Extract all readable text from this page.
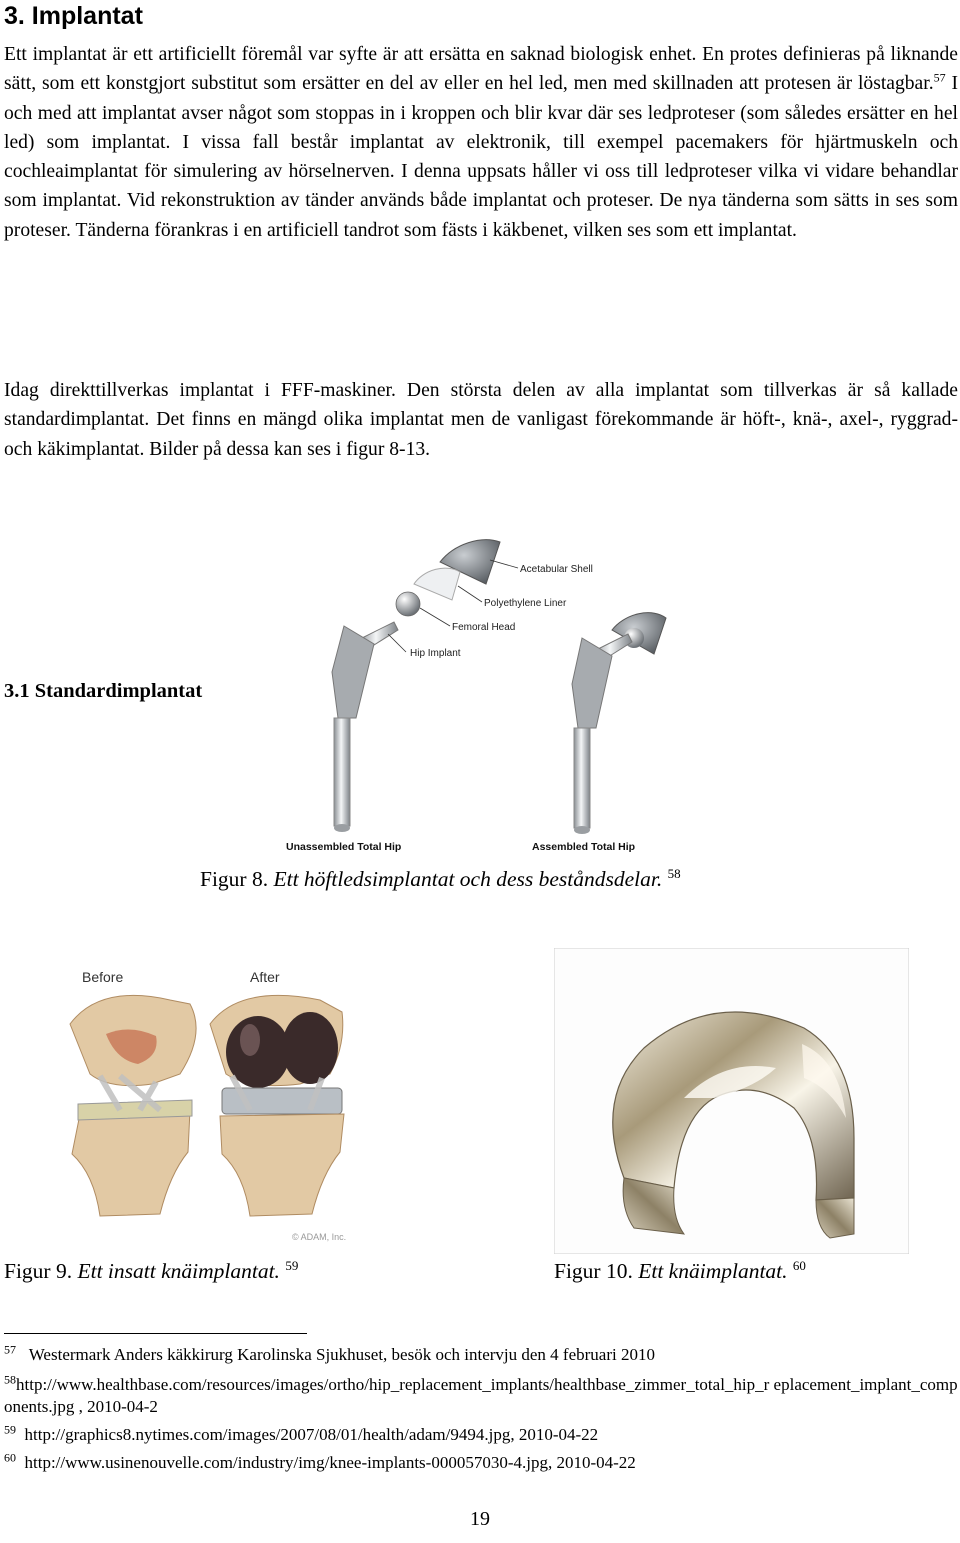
3. Implantat

Ett implantat är ett artificiellt föremål var syfte är att ersätta en saknad biologisk enhet. En protes definieras på liknande sätt, som ett konstgjort substitut som ersätter en del av eller en hel led, men med skillnaden att protesen är löstagbar.$^{57}$ I och med att implantat avser något som stoppas in i kroppen och blir kvar där ses ledproteser (som således ersätter en hel led) som implantat. I vissa fall består implantat av elektronik, till exempel pacemakers för hjärtmuskeln och cochleaimplantat för simulering av hörselnerven. I denna uppsats håller vi oss till ledproteser vilka vi vidare behandlar som implantat. Vid rekonstruktion av tänder används både implantat och proteser. De nya tänderna som sätts in ses som proteser. Tänderna förankras i en artificiell tandrot som fästs i käkbenet, vilken ses som ett implantat.

3.1 Standardimplantat

Idag direkttillverkas implantat i FFF-maskiner. Den största delen av alla implantat som tillverkas är så kallade standardimplantat. Det finns en mängd olika implantat men de vanligast förekommande är höft-, knä-, axel-, ryggrad- och käkimplantat. Bilder på dessa kan ses i figur 8-13.

Acetabular Shell
Polyethylene Liner
Femoral Head
Hip Implant
Unassembled Total Hip	Assembled Total Hip
Figur 8. Ett höftledsimplantat och dess beståndsdelar. $^{58}$
Before	After
© ADAM, Inc.
Figur 9. Ett insatt knäimplantat. $^{59}$	Figur 10. Ett knäimplantat. $^{60}$

$^{57}$ Westermark Anders käkkirurg Karolinska Sjukhuset, besök och intervju den 4 februari 2010

$^{58}$http://www.healthbase.com/resources/images/ortho/hip_replacement_implants/healthbase_zimmer_total_hip_r eplacement_implant_components.jpg , 2010-04-2

$^{59}$ http://graphics8.nytimes.com/images/2007/08/01/health/adam/9494.jpg, 2010-04-22

$^{60}$ http://www.usinenouvelle.com/industry/img/knee-implants-000057030-4.jpg, 2010-04-22

19
